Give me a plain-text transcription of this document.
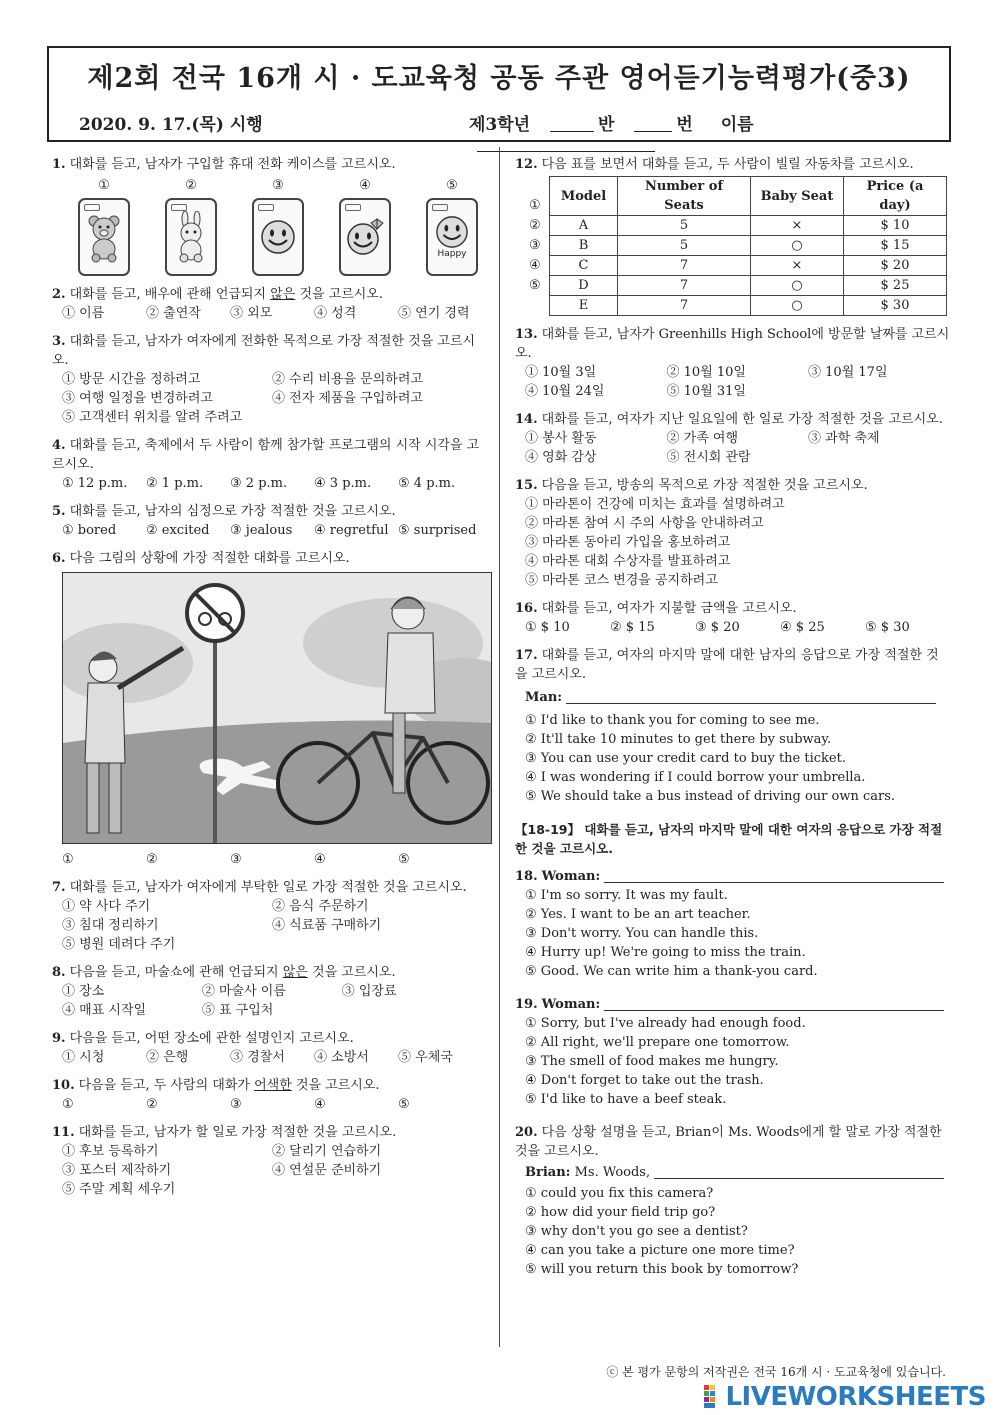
제2회 전국 16개 시 · 도교육청 공동 주관 영어듣기능력평가(중3)
2020. 9. 17.(목) 시행	제3학년	반	번 이름
1. 대화를 듣고, 남자가 구입할 휴대 전화 케이스를 고르시오.
①	②	③	④	⑤
Happy
2. 대화를 듣고, 배우에 관해 언급되지 않은 것을 고르시오.
① 이름	② 출연작	③ 외모	④ 성격	⑤ 연기 경력
3. 대화를 듣고, 남자가 여자에게 전화한 목적으로 가장 적절한 것을 고르시오.
① 방문 시간을 정하려고	② 수리 비용을 문의하려고
③ 여행 일정을 변경하려고	④ 전자 제품을 구입하려고
⑤ 고객센터 위치를 알려 주려고
4. 대화를 듣고, 축제에서 두 사람이 함께 참가할 프로그램의 시작 시각을 고르시오.
① 12 p.m.	② 1 p.m.	③ 2 p.m.	④ 3 p.m.	⑤ 4 p.m.
5. 대화를 듣고, 남자의 심정으로 가장 적절한 것을 고르시오.
① bored	② excited	③ jealous	④ regretful ⑤ surprised
6. 다음 그림의 상황에 가장 적절한 대화를 고르시오.
①	②	③	④	⑤
7. 대화를 듣고, 남자가 여자에게 부탁한 일로 가장 적절한 것을 고르시오.
① 약 사다 주기	② 음식 주문하기
③ 침대 정리하기	④ 식료품 구매하기
⑤ 병원 데려다 주기
8. 다음을 듣고, 마술쇼에 관해 언급되지 않은 것을 고르시오.
① 장소	② 마술사 이름	③ 입장료
④ 매표 시작일	⑤ 표 구입처
9. 다음을 듣고, 어떤 장소에 관한 설명인지 고르시오.
① 시청	② 은행	③ 경찰서	④ 소방서	⑤ 우체국
10. 다음을 듣고, 두 사람의 대화가 어색한 것을 고르시오.
①	②	③	④	⑤
11. 대화를 듣고, 남자가 할 일로 가장 적절한 것을 고르시오.
① 후보 등록하기	② 달리기 연습하기
③ 포스터 제작하기	④ 연설문 준비하기
⑤ 주말 계획 세우기
12. 다음 표를 보면서 대화를 듣고, 두 사람이 빌릴 자동차를 고르시오.
Model	Number of Seats	Baby Seat	Price (a day)
A	5	×	$ 10
B	5	○	$ 15
C	7	×	$ 20
D	7	○	$ 25
E	7	○	$ 30
①
②
③
④
⑤
13. 대화를 듣고, 남자가 Greenhills High School에 방문할 날짜를 고르시오.
① 10월 3일	② 10월 10일	③ 10월 17일
④ 10월 24일	⑤ 10월 31일
14. 대화를 듣고, 여자가 지난 일요일에 한 일로 가장 적절한 것을 고르시오.
① 봉사 활동	② 가족 여행	③ 과학 축제
④ 영화 감상	⑤ 전시회 관람
15. 다음을 듣고, 방송의 목적으로 가장 적절한 것을 고르시오.
① 마라톤이 건강에 미치는 효과를 설명하려고
② 마라톤 참여 시 주의 사항을 안내하려고
③ 마라톤 동아리 가입을 홍보하려고
④ 마라톤 대회 수상자를 발표하려고
⑤ 마라톤 코스 변경을 공지하려고
16. 대화를 듣고, 여자가 지불할 금액을 고르시오.
① $ 10	② $ 15	③ $ 20	④ $ 25	⑤ $ 30
17. 대화를 듣고, 여자의 마지막 말에 대한 남자의 응답으로 가장 적절한 것을 고르시오.
Man:
① I'd like to thank you for coming to see me.
② It'll take 10 minutes to get there by subway.
③ You can use your credit card to buy the ticket.
④ I was wondering if I could borrow your umbrella.
⑤ We should take a bus instead of driving our own cars.
【18-19】 대화를 듣고, 남자의 마지막 말에 대한 여자의 응답으로 가장 적절한 것을 고르시오.
18. Woman:
① I'm so sorry. It was my fault.
② Yes. I want to be an art teacher.
③ Don't worry. You can handle this.
④ Hurry up! We're going to miss the train.
⑤ Good. We can write him a thank-you card.
19. Woman:
① Sorry, but I've already had enough food.
② All right, we'll prepare one tomorrow.
③ The smell of food makes me hungry.
④ Don't forget to take out the trash.
⑤ I'd like to have a beef steak.
20. 다음 상황 설명을 듣고, Brian이 Ms. Woods에게 할 말로 가장 적절한 것을 고르시오.
Brian: Ms. Woods,
① could you fix this camera?
② how did your field trip go?
③ why don't you go see a dentist?
④ can you take a picture one more time?
⑤ will you return this book by tomorrow?
ⓒ 본 평가 문항의 저작권은 전국 16개 시 · 도교육청에 있습니다.
LIVEWORKSHEETS
